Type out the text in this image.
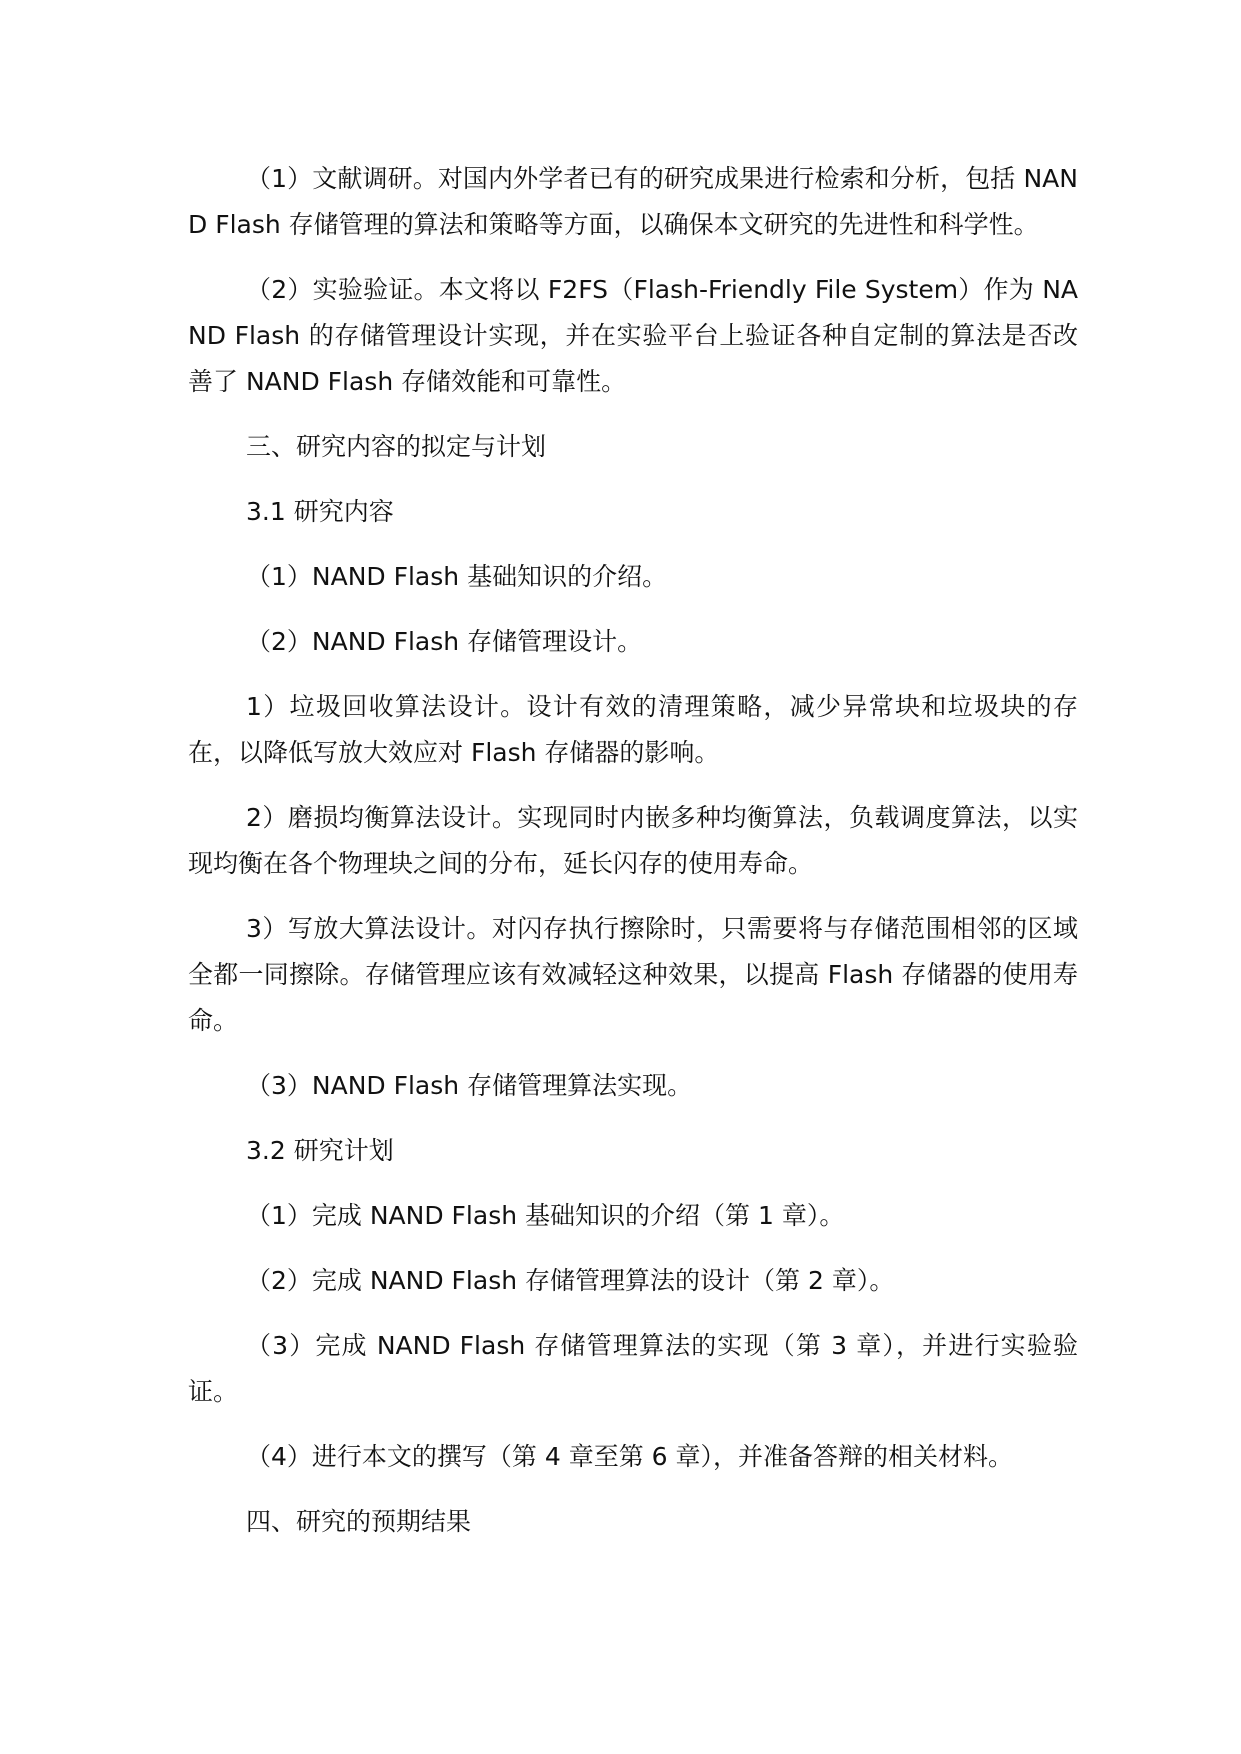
（1）文献调研。对国内外学者已有的研究成果进行检索和分析，包括 NAND Flash 存储管理的算法和策略等方面，以确保本文研究的先进性和科学性。

（2）实验验证。本文将以 F2FS（Flash-Friendly File System）作为 NAND Flash 的存储管理设计实现，并在实验平台上验证各种自定制的算法是否改善了 NAND Flash 存储效能和可靠性。

三、研究内容的拟定与计划

3.1 研究内容

（1）NAND Flash 基础知识的介绍。

（2）NAND Flash 存储管理设计。

1）垃圾回收算法设计。设计有效的清理策略，减少异常块和垃圾块的存在，以降低写放大效应对 Flash 存储器的影响。

2）磨损均衡算法设计。实现同时内嵌多种均衡算法，负载调度算法，以实现均衡在各个物理块之间的分布，延长闪存的使用寿命。

3）写放大算法设计。对闪存执行擦除时，只需要将与存储范围相邻的区域全都一同擦除。存储管理应该有效减轻这种效果，以提高 Flash 存储器的使用寿命。

（3）NAND Flash 存储管理算法实现。

3.2 研究计划

（1）完成 NAND Flash 基础知识的介绍（第 1 章）。

（2）完成 NAND Flash 存储管理算法的设计（第 2 章）。

（3）完成 NAND Flash 存储管理算法的实现（第 3 章），并进行实验验证。

（4）进行本文的撰写（第 4 章至第 6 章），并准备答辩的相关材料。

四、研究的预期结果
